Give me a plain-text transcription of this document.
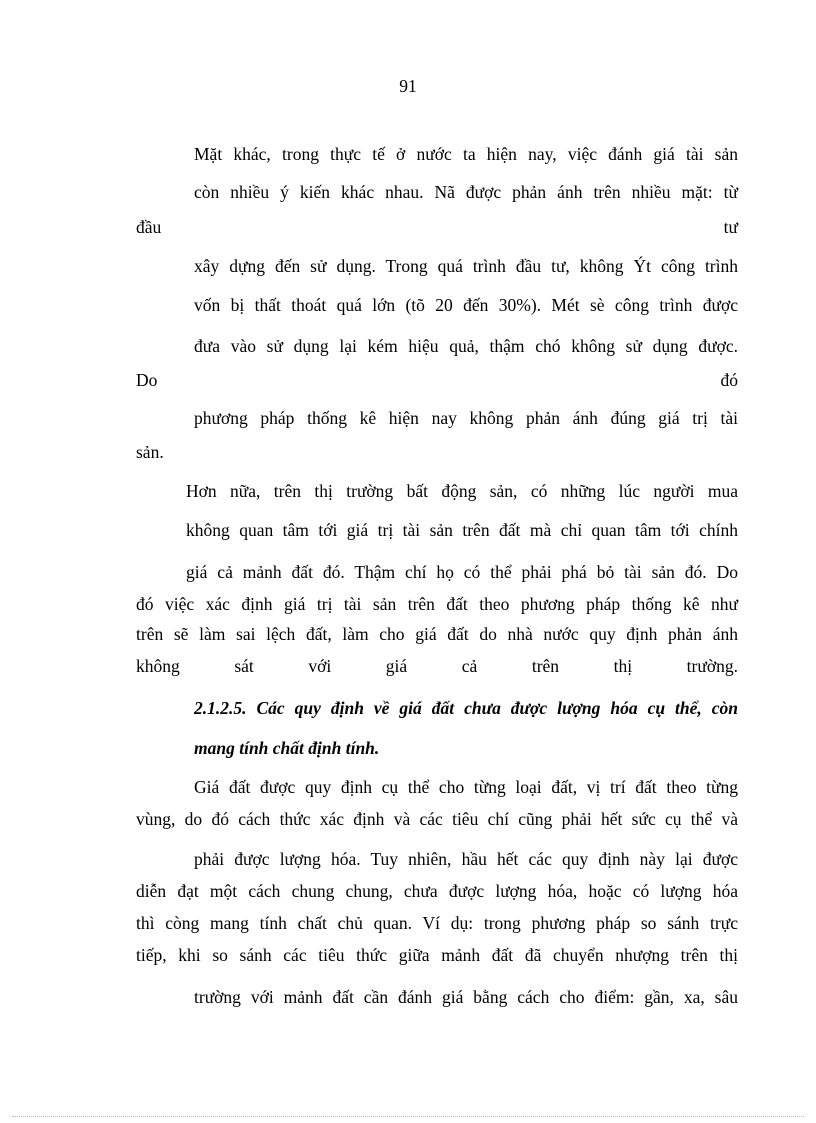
91
Mặt khác, trong thực tế ở nước ta hiện nay, việc đánh giá tài sản
còn nhiều ý kiến khác nhau. Nã được phản ánh trên nhiều mặt: từ
đầu	tư
xây dựng đến sử dụng. Trong quá trình đầu tư, không Ýt công trình
vốn bị thất thoát quá lớn (tõ 20 đến 30%). Mét sè công trình được
đưa vào sử dụng lại kém hiệu quả, thậm chó không sử dụng được.
Do	đó
phương pháp thống kê hiện nay không phản ánh đúng giá trị tài
sản.
Hơn nữa, trên thị trường bất động sản, có những lúc người mua
không quan tâm tới giá trị tài sản trên đất mà chỉ quan tâm tới chính
giá cả mảnh đất đó. Thậm chí họ có thể phải phá bỏ tài sản đó. Do
đó việc xác định giá trị tài sản trên đất theo phương pháp thống kê như
trên sẽ làm sai lệch đất, làm cho giá đất do nhà nước quy định phản ánh
không sát với giá cả trên thị trường.
2.1.2.5. Các quy định về giá đất chưa được lượng hóa cụ thể, còn
mang tính chất định tính.
Giá đất được quy định cụ thể cho từng loại đất, vị trí đất theo từng
vùng, do đó cách thức xác định và các tiêu chí cũng phải hết sức cụ thể và
phải được lượng hóa. Tuy nhiên, hầu hết các quy định này lại được
diễn đạt một cách chung chung, chưa được lượng hóa, hoặc có lượng hóa
thì còng mang tính chất chủ quan. Ví dụ: trong phương pháp so sánh trực
tiếp, khi so sánh các tiêu thức giữa mảnh đất đã chuyển nhượng trên thị
trường với mảnh đất cần đánh giá bằng cách cho điểm: gần, xa, sâu
